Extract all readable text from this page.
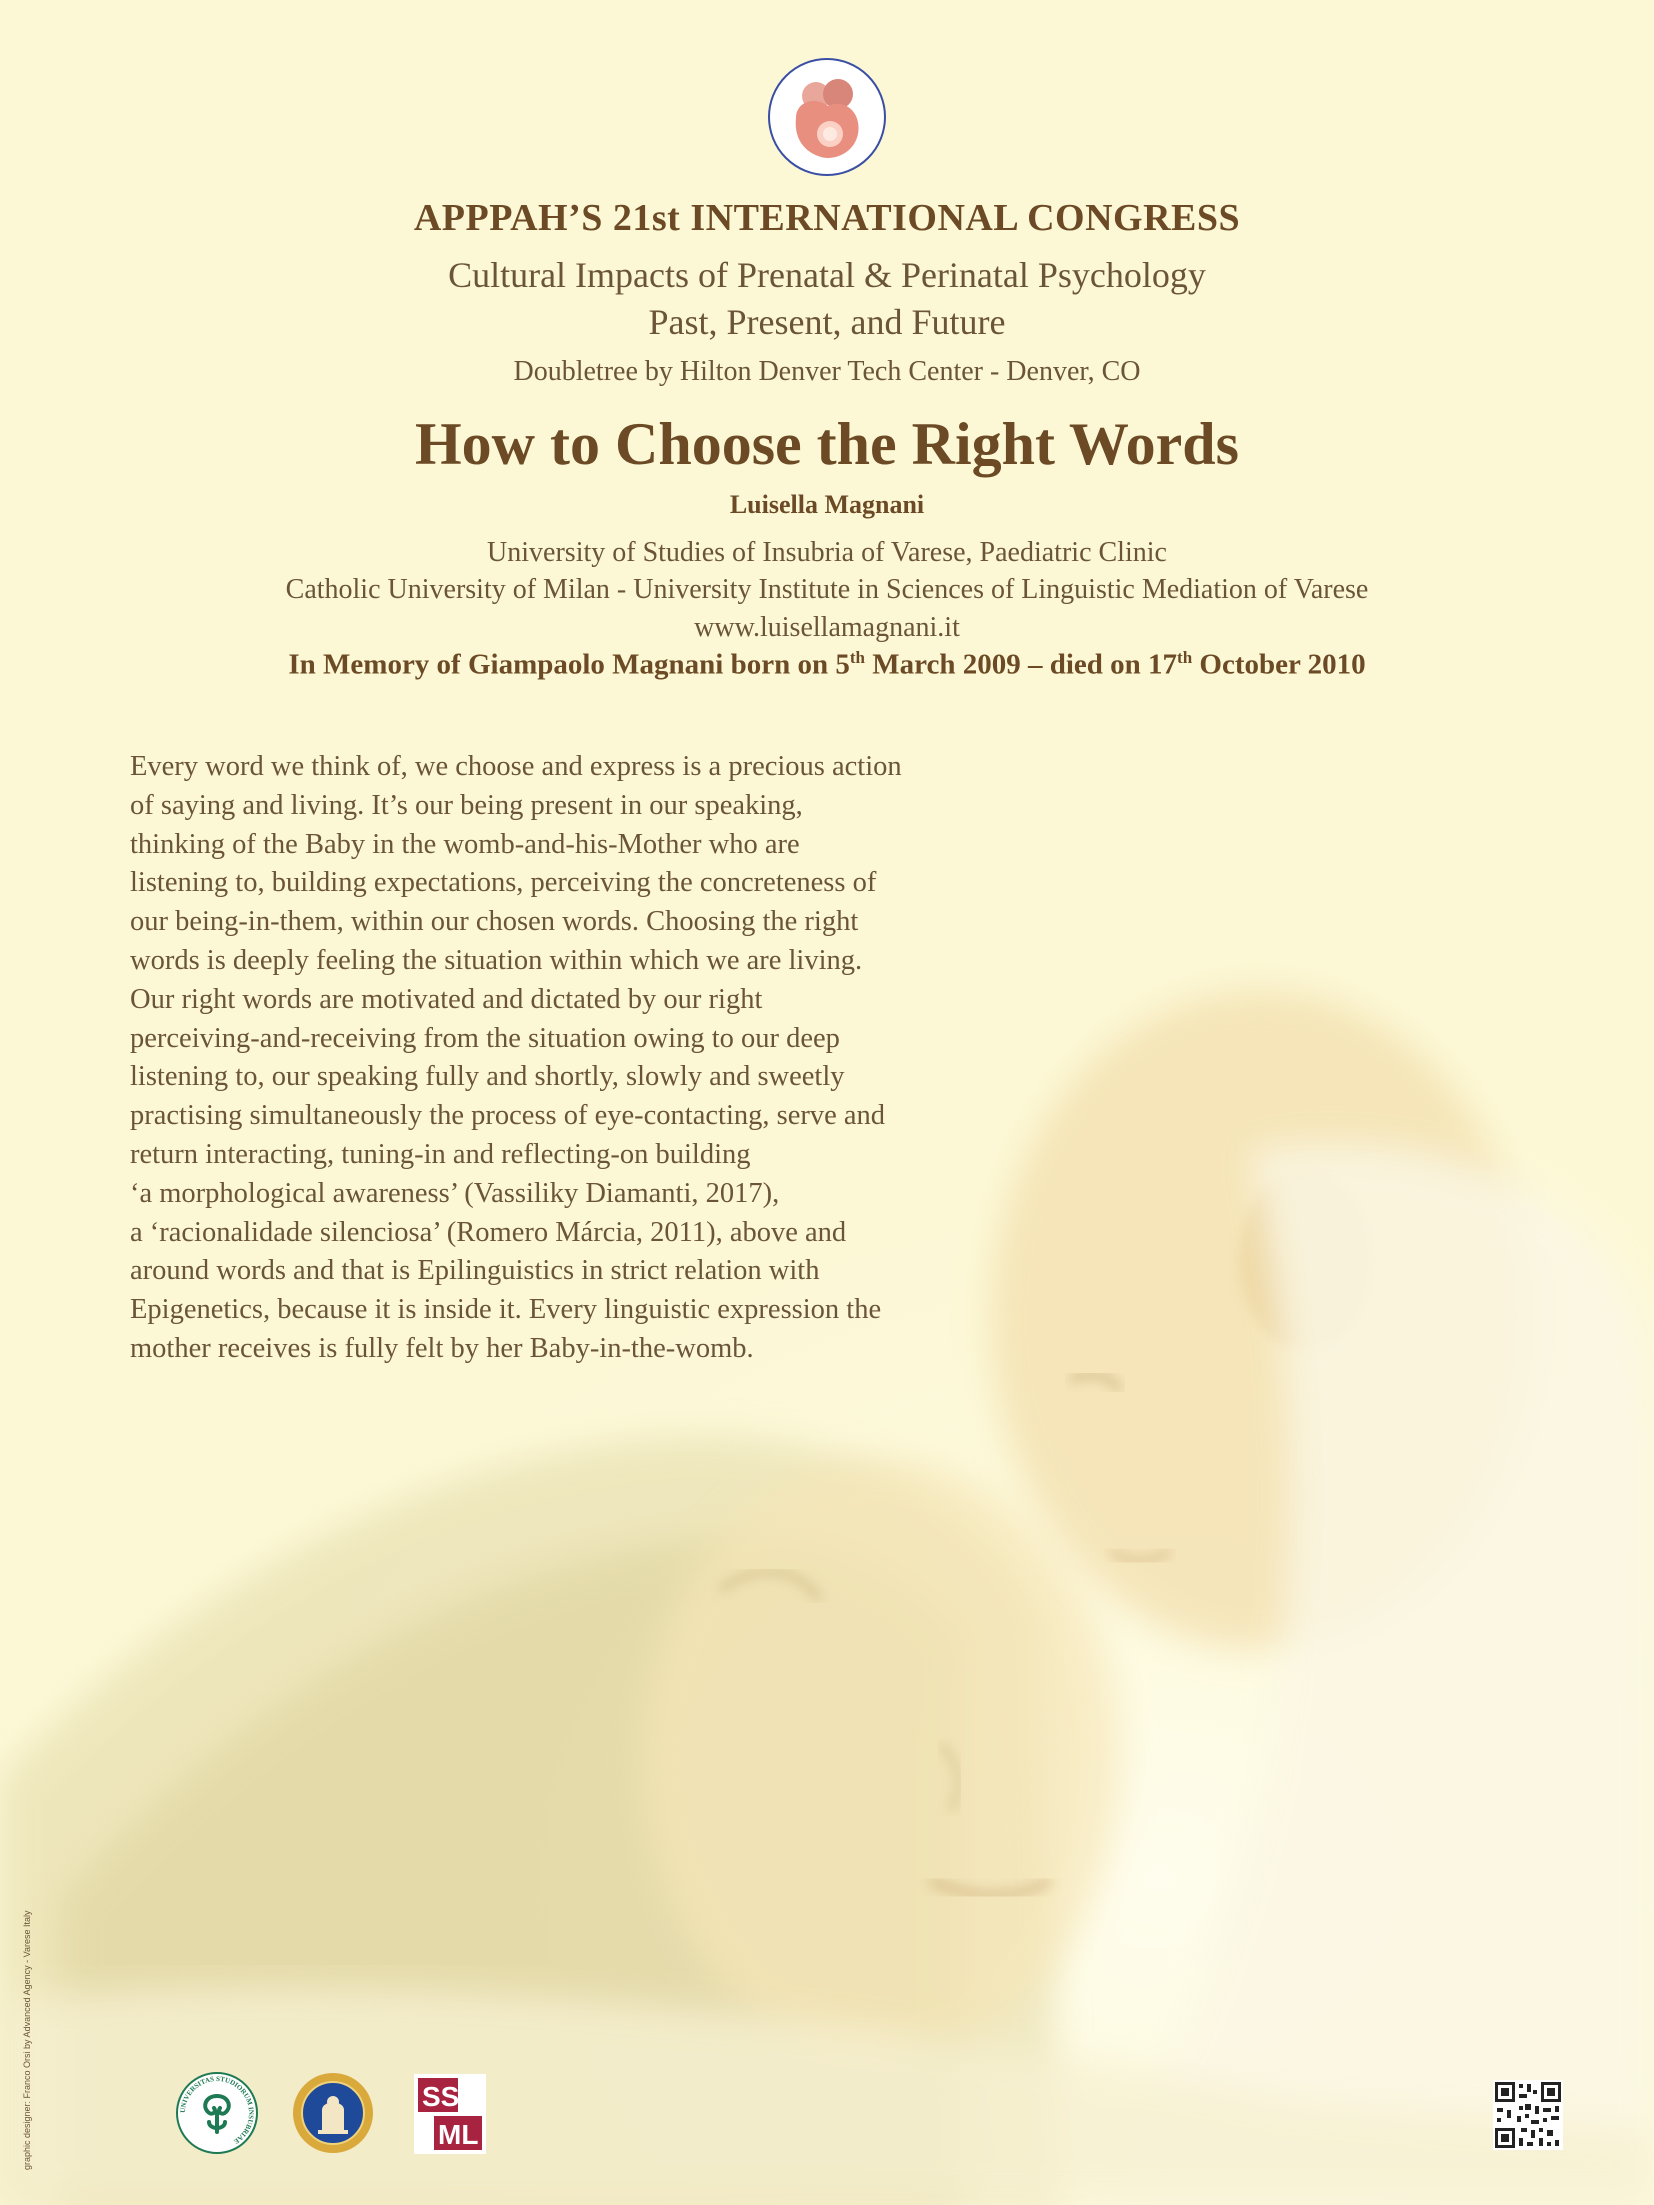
APPPAH’S 21st INTERNATIONAL CONGRESS
Cultural Impacts of Prenatal & Perinatal Psychology
Past, Present, and Future
Doubletree by Hilton Denver Tech Center - Denver, CO
How to Choose the Right Words
Luisella Magnani
University of Studies of Insubria of Varese, Paediatric Clinic
Catholic University of Milan - University Institute in Sciences of Linguistic Mediation of Varese
www.luisellamagnani.it
In Memory of Giampaolo Magnani born on 5th March 2009 – died on 17th October 2010
Every word we think of, we choose and express is a precious action
of saying and living. It’s our being present in our speaking,
thinking of the Baby in the womb-and-his-Mother who are
listening to, building expectations, perceiving the concreteness of
our being-in-them, within our chosen words. Choosing the right
words is deeply feeling the situation within which we are living.
Our right words are motivated and dictated by our right
perceiving-and-receiving from the situation owing to our deep
listening to, our speaking fully and shortly, slowly and sweetly
practising simultaneously the process of eye-contacting, serve and
return interacting, tuning-in and reflecting-on building
‘a morphological awareness’ (Vassiliky Diamanti, 2017),
a ‘racionalidade silenciosa’ (Romero Márcia, 2011), above and
around words and that is Epilinguistics in strict relation with
Epigenetics, because it is inside it. Every linguistic expression the
mother receives is fully felt by her Baby-in-the-womb.
graphic designer: Franco Orsi by Advanced Agency - Varese Italy	UNIVERSITAS STUDIORUM INSUBRIAE
SS
ML
